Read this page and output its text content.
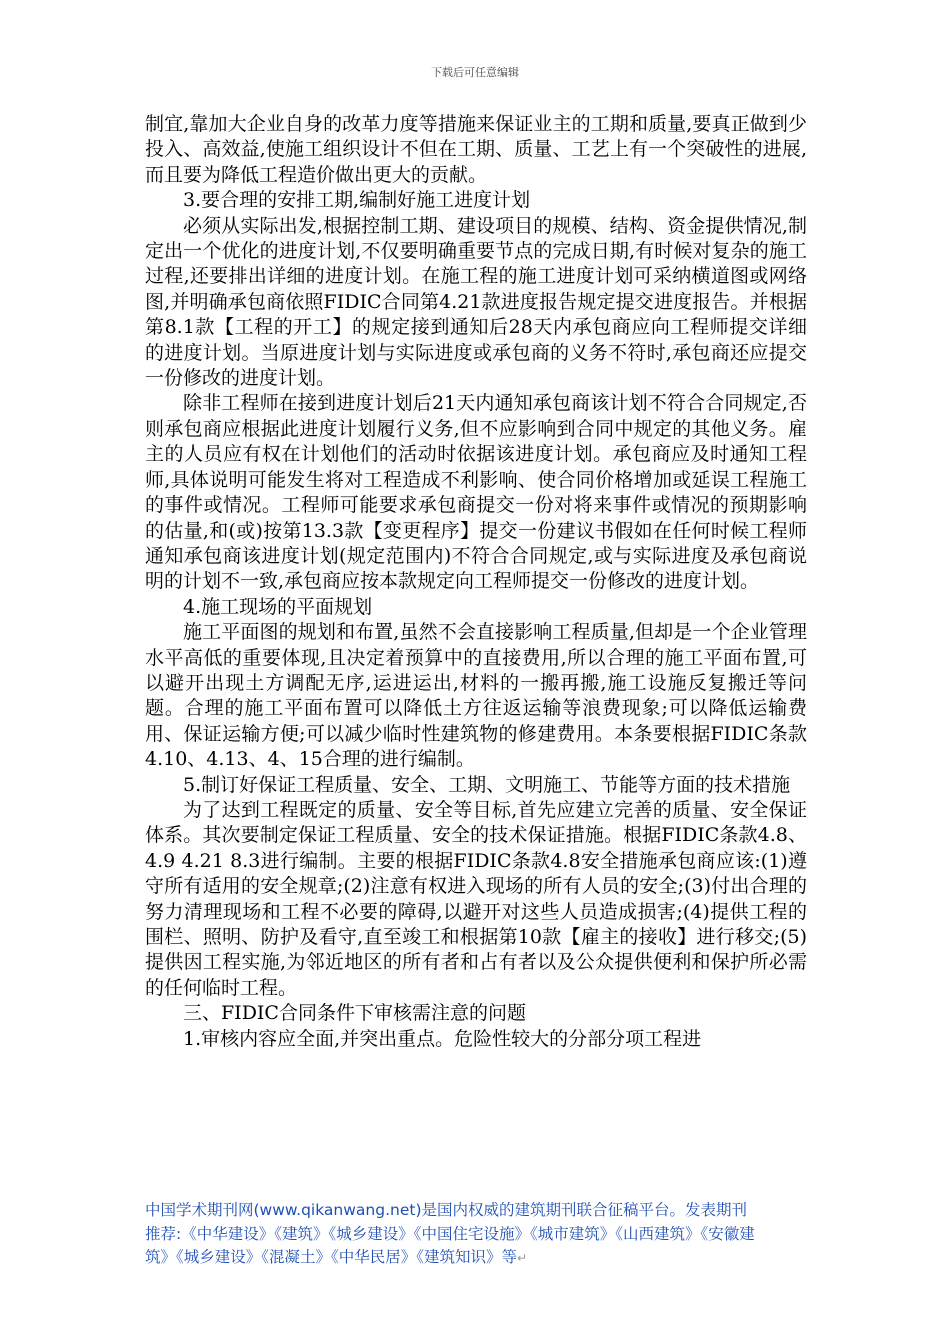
下载后可任意编辑

制宜,靠加大企业自身的改革力度等措施来保证业主的工期和质量,要真正做到少投入、高效益,使施工组织设计不但在工期、质量、工艺上有一个突破性的进展,而且要为降低工程造价做出更大的贡献。

3.要合理的安排工期,编制好施工进度计划

必须从实际出发,根据控制工期、建设项目的规模、结构、资金提供情况,制定出一个优化的进度计划,不仅要明确重要节点的完成日期,有时候对复杂的施工过程,还要排出详细的进度计划。在施工程的施工进度计划可采纳横道图或网络图,并明确承包商依照FIDIC合同第4.21款进度报告规定提交进度报告。并根据第8.1款【工程的开工】的规定接到通知后28天内承包商应向工程师提交详细的进度计划。当原进度计划与实际进度或承包商的义务不符时,承包商还应提交一份修改的进度计划。

除非工程师在接到进度计划后21天内通知承包商该计划不符合合同规定,否则承包商应根据此进度计划履行义务,但不应影响到合同中规定的其他义务。雇主的人员应有权在计划他们的活动时依据该进度计划。承包商应及时通知工程师,具体说明可能发生将对工程造成不利影响、使合同价格增加或延误工程施工的事件或情况。工程师可能要求承包商提交一份对将来事件或情况的预期影响的估量,和(或)按第13.3款【变更程序】提交一份建议书假如在任何时候工程师通知承包商该进度计划(规定范围内)不符合合同规定,或与实际进度及承包商说明的计划不一致,承包商应按本款规定向工程师提交一份修改的进度计划。

4.施工现场的平面规划

施工平面图的规划和布置,虽然不会直接影响工程质量,但却是一个企业管理水平高低的重要体现,且决定着预算中的直接费用,所以合理的施工平面布置,可以避开出现土方调配无序,运进运出,材料的一搬再搬,施工设施反复搬迁等问题。合理的施工平面布置可以降低土方往返运输等浪费现象;可以降低运输费用、保证运输方便;可以减少临时性建筑物的修建费用。本条要根据FIDIC条款4.10、4.13、4、15合理的进行编制。

5.制订好保证工程质量、安全、工期、文明施工、节能等方面的技术措施

为了达到工程既定的质量、安全等目标,首先应建立完善的质量、安全保证体系。其次要制定保证工程质量、安全的技术保证措施。根据FIDIC条款4.8、4.9 4.21 8.3进行编制。主要的根据FIDIC条款4.8安全措施承包商应该:(1)遵守所有适用的安全规章;(2)注意有权进入现场的所有人员的安全;(3)付出合理的努力清理现场和工程不必要的障碍,以避开对这些人员造成损害;(4)提供工程的围栏、照明、防护及看守,直至竣工和根据第10款【雇主的接收】进行移交;(5)提供因工程实施,为邻近地区的所有者和占有者以及公众提供便利和保护所必需的任何临时工程。

三、FIDIC合同条件下审核需注意的问题

1.审核内容应全面,并突出重点。危险性较大的分部分项工程进

中国学术期刊网(www.qikanwang.net)是国内权威的建筑期刊联合征稿平台。发表期刊

推荐:《中华建设》《建筑》《城乡建设》《中国住宅设施》《城市建筑》《山西建筑》《安徽建

筑》《城乡建设》《混凝土》《中华民居》《建筑知识》等↵
